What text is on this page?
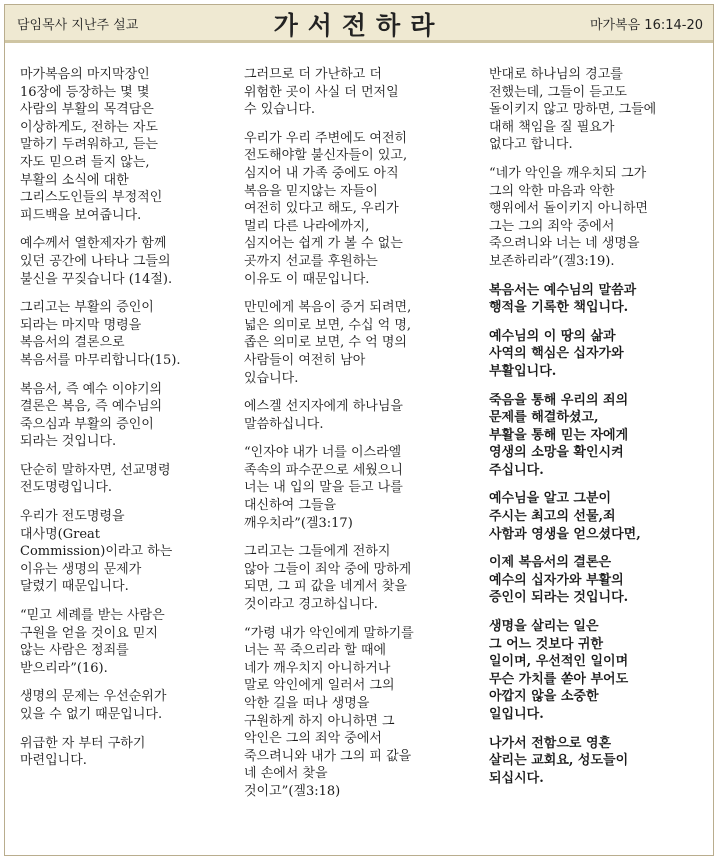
담임목사 지난주 설교	가서전하라	마가복음 16:14-20

마가복음의 마지막장인
16장에 등장하는 몇 몇
사람의 부활의 목격담은
이상하게도, 전하는 자도
말하기 두려워하고, 듣는
자도 믿으려 들지 않는,
부활의 소식에 대한
그리스도인들의 부정적인
피드백을 보여줍니다.

예수께서 열한제자가 함께
있던 공간에 나타나 그들의
불신을 꾸짖습니다 (14절).

그리고는 부활의 증인이
되라는 마지막 명령을
복음서의 결론으로
복음서를 마무리합니다(15).

복음서, 즉 예수 이야기의
결론은 복음, 즉 예수님의
죽으심과 부활의 증인이
되라는 것입니다.

단순히 말하자면, 선교명령
전도명령입니다.

우리가 전도명령을
대사명(Great
Commission)이라고 하는
이유는 생명의 문제가
달렸기 때문입니다.

“믿고 세례를 받는 사람은
구원을 얻을 것이요 믿지
않는 사람은 정죄를
받으리라”(16).

생명의 문제는 우선순위가
있을 수 없기 때문입니다.

위급한 자 부터 구하기
마련입니다.

그러므로 더 가난하고 더
위험한 곳이 사실 더 먼저일
수 있습니다.

우리가 우리 주변에도 여전히
전도해야할 불신자들이 있고,
심지어 내 가족 중에도 아직
복음을 믿지않는 자들이
여전히 있다고 해도, 우리가
멀리 다른 나라에까지,
심지어는 쉽게 가 볼 수 없는
곳까지 선교를 후원하는
이유도 이 때문입니다.

만민에게 복음이 증거 되려면,
넓은 의미로 보면, 수십 억 명,
좁은 의미로 보면, 수 억 명의
사람들이 여전히 남아
있습니다.

에스겔 선지자에게 하나님을
말씀하십니다.

“인자야 내가 너를 이스라엘
족속의 파수꾼으로 세웠으니
너는 내 입의 말을 듣고 나를
대신하여 그들을
깨우치라”(겔3:17)

그리고는 그들에게 전하지
않아 그들이 죄악 중에 망하게
되면, 그 피 값을 네게서 찾을
것이라고 경고하십니다.

“가령 내가 악인에게 말하기를
너는 꼭 죽으리라 할 때에
네가 깨우치지 아니하거나
말로 악인에게 일러서 그의
악한 길을 떠나 생명을
구원하게 하지 아니하면 그
악인은 그의 죄악 중에서
죽으려니와 내가 그의 피 값을
네 손에서 찾을
것이고”(겔3:18)

반대로 하나님의 경고를
전했는데, 그들이 듣고도
돌이키지 않고 망하면, 그들에
대해 책임을 질 필요가
없다고 합니다.

“네가 악인을 깨우치되 그가
그의 악한 마음과 악한
행위에서 돌이키지 아니하면
그는 그의 죄악 중에서
죽으려니와 너는 네 생명을
보존하리라”(겔3:19).

복음서는 예수님의 말씀과
행적을 기록한 책입니다.

예수님의 이 땅의 삶과
사역의 핵심은 십자가와
부활입니다.

죽음을 통해 우리의 죄의
문제를 해결하셨고,
부활을 통해 믿는 자에게
영생의 소망을 확인시켜
주십니다.

예수님을 알고 그분이
주시는 최고의 선물,죄
사함과 영생을 얻으셨다면,

이제 복음서의 결론은
예수의 십자가와 부활의
증인이 되라는 것입니다.

생명을 살리는 일은
그 어느 것보다 귀한
일이며, 우선적인 일이며
무슨 가치를 쏟아 부어도
아깝지 않을 소중한
일입니다.

나가서 전함으로 영혼
살리는 교회요, 성도들이
되십시다.
